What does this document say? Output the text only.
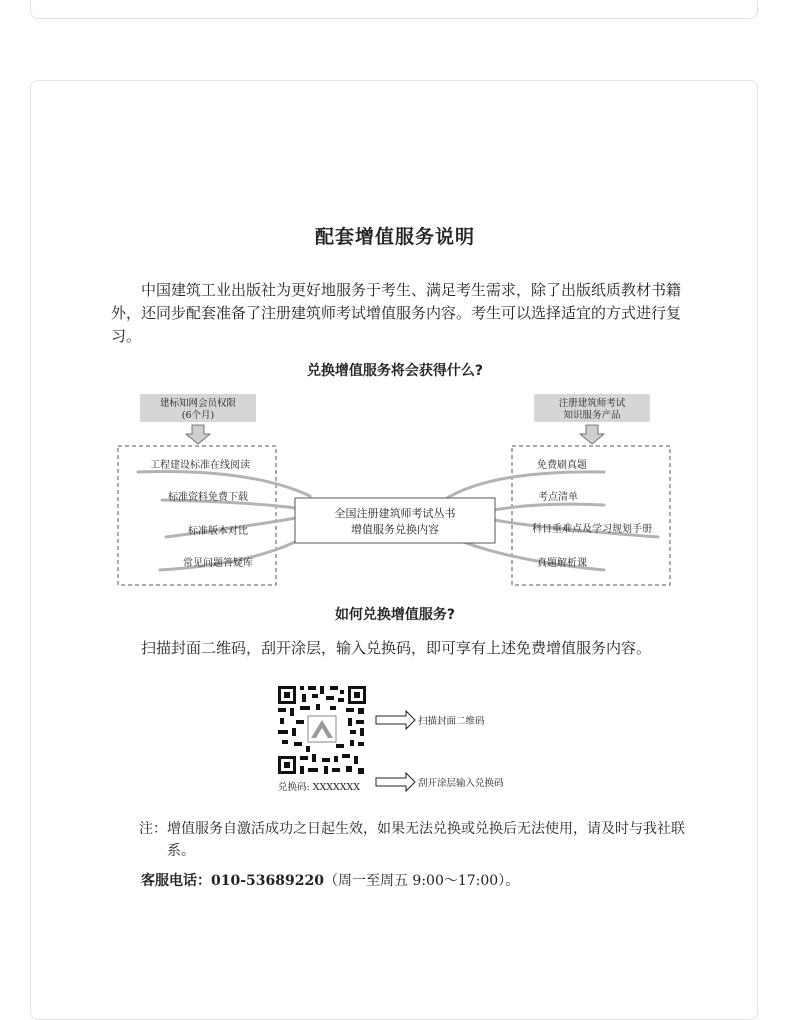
配套增值服务说明
中国建筑工业出版社为更好地服务于考生、满足考生需求，除了出版纸质教材书籍外，还同步配套准备了注册建筑师考试增值服务内容。考生可以选择适宜的方式进行复习。
兑换增值服务将会获得什么?
建标知网会员权限
(6个月)
注册建筑师考试
知识服务产品
工程建设标准在线阅读
标准资料免费下载
标准版本对比
常见问题答疑库
免费刷真题
考点清单
科目重难点及学习规划手册
真题解析课
全国注册建筑师考试丛书
增值服务兑换内容
如何兑换增值服务?
扫描封面二维码，刮开涂层，输入兑换码，即可享有上述免费增值服务内容。
扫描封面二维码
刮开涂层输入兑换码
兑换码: XXXXXXX
注：增值服务自激活成功之日起生效，如果无法兑换或兑换后无法使用，请及时与我社联系。
客服电话：010-53689220（周一至周五 9:00～17:00）。
